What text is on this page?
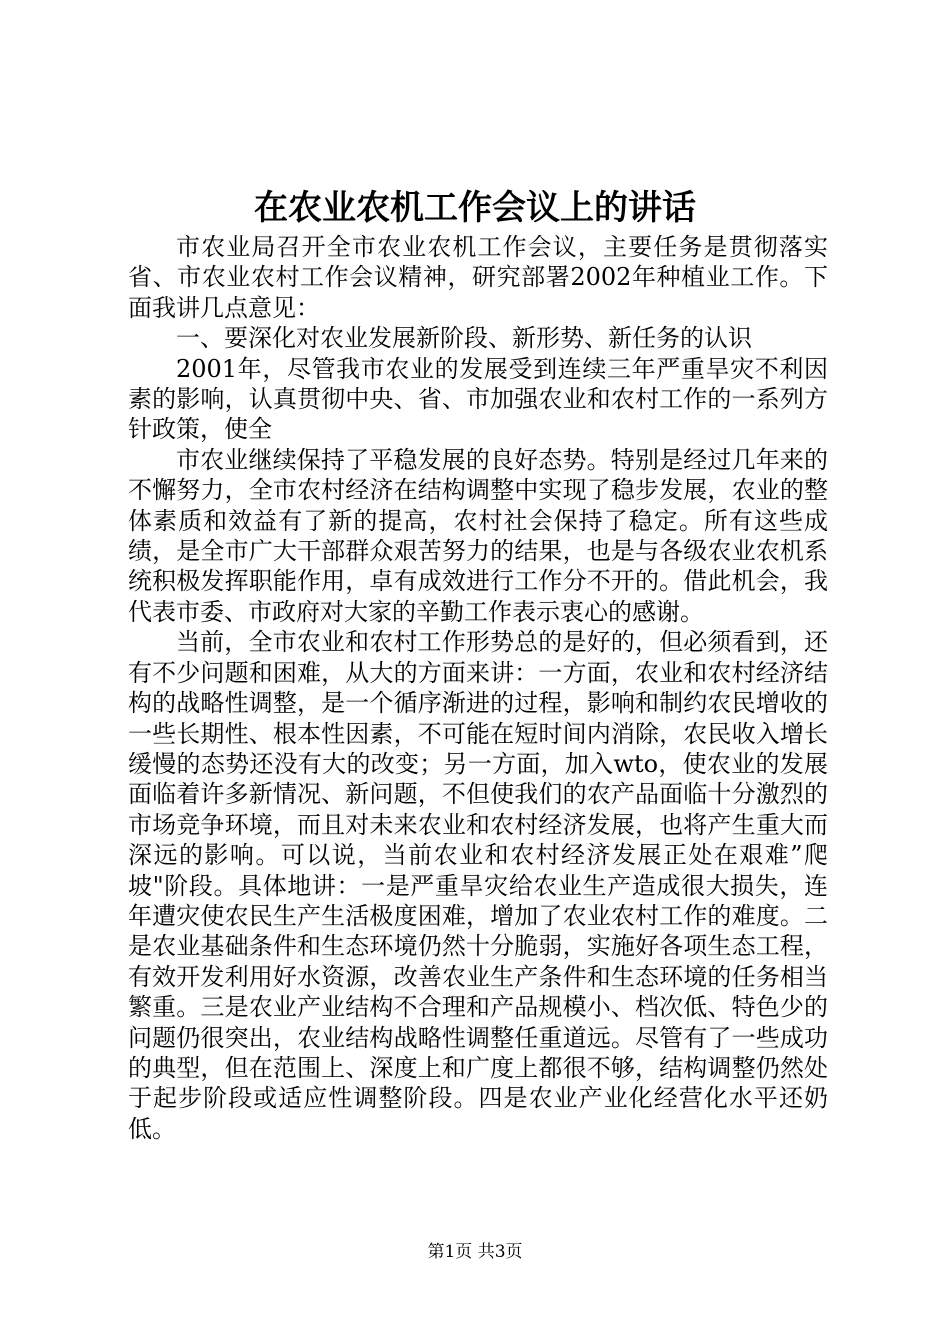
在农业农机工作会议上的讲话

市农业局召开全市农业农机工作会议，主要任务是贯彻落实省、市农业农村工作会议精神，研究部署2002年种植业工作。下面我讲几点意见：

一、要深化对农业发展新阶段、新形势、新任务的认识

2001年，尽管我市农业的发展受到连续三年严重旱灾不利因素的影响，认真贯彻中央、省、市加强农业和农村工作的一系列方针政策，使全

市农业继续保持了平稳发展的良好态势。特别是经过几年来的不懈努力，全市农村经济在结构调整中实现了稳步发展，农业的整体素质和效益有了新的提高，农村社会保持了稳定。所有这些成绩，是全市广大干部群众艰苦努力的结果，也是与各级农业农机系统积极发挥职能作用，卓有成效进行工作分不开的。借此机会，我代表市委、市政府对大家的辛勤工作表示衷心的感谢。

当前，全市农业和农村工作形势总的是好的，但必须看到，还有不少问题和困难，从大的方面来讲：一方面，农业和农村经济结构的战略性调整，是一个循序渐进的过程，影响和制约农民增收的一些长期性、根本性因素，不可能在短时间内消除，农民收入增长缓慢的态势还没有大的改变；另一方面，加入wto，使农业的发展面临着许多新情况、新问题，不但使我们的农产品面临十分激烈的市场竞争环境，而且对未来农业和农村经济发展，也将产生重大而深远的影响。可以说，当前农业和农村经济发展正处在艰难”爬坡"阶段。具体地讲：一是严重旱灾给农业生产造成很大损失，连年遭灾使农民生产生活极度困难，增加了农业农村工作的难度。二是农业基础条件和生态环境仍然十分脆弱，实施好各项生态工程，有效开发利用好水资源，改善农业生产条件和生态环境的任务相当繁重。三是农业产业结构不合理和产品规模小、档次低、特色少的问题仍很突出，农业结构战略性调整任重道远。尽管有了一些成功的典型，但在范围上、深度上和广度上都很不够，结构调整仍然处于起步阶段或适应性调整阶段。四是农业产业化经营化水平还奶低。

第1页 共3页
